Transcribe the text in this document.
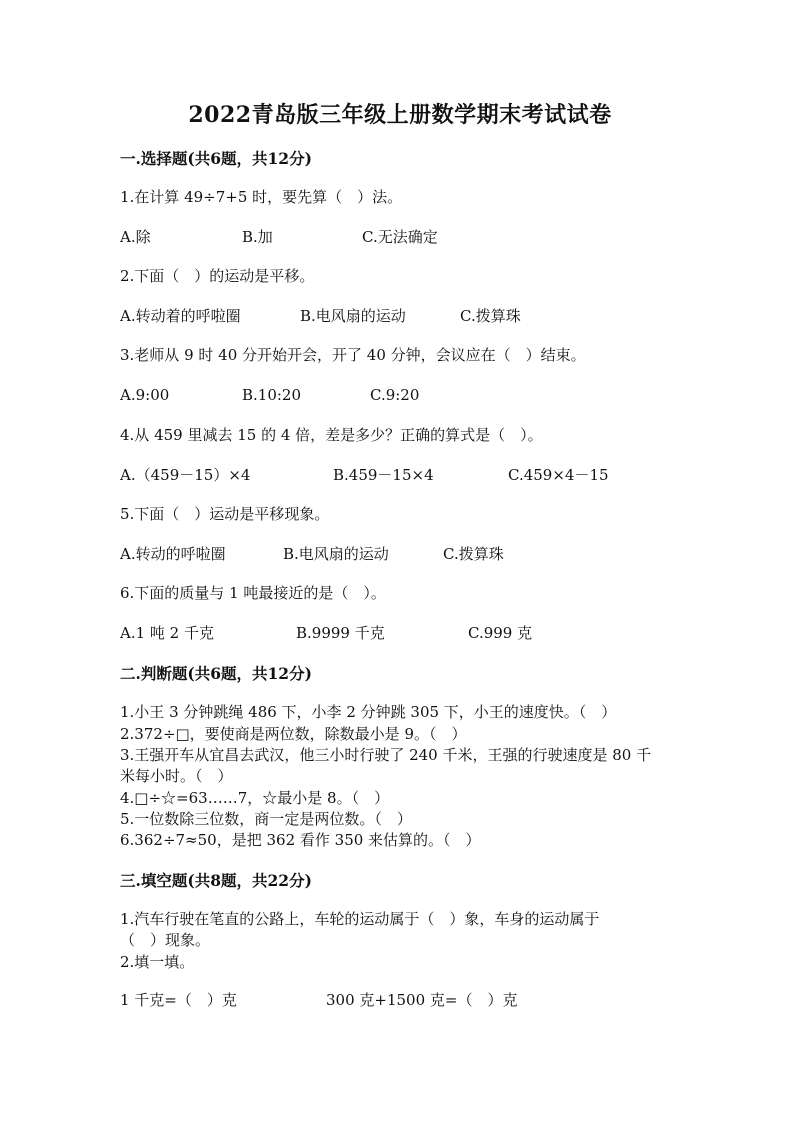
2022青岛版三年级上册数学期末考试试卷
一.选择题(共6题，共12分)
1.在计算 49÷7+5 时，要先算（　）法。
A.除	B.加	C.无法确定
2.下面（　）的运动是平移。
A.转动着的呼啦圈	B.电风扇的运动	C.拨算珠
3.老师从 9 时 40 分开始开会，开了 40 分钟，会议应在（　）结束。
A.9:00	B.10:20	C.9:20
4.从 459 里减去 15 的 4 倍，差是多少？正确的算式是（　）。
A.（459－15）×4	B.459－15×4	C.459×4－15
5.下面（　）运动是平移现象。
A.转动的呼啦圈	B.电风扇的运动	C.拨算珠
6.下面的质量与 1 吨最接近的是（　）。
A.1 吨 2 千克	B.9999 千克	C.999 克
二.判断题(共6题，共12分)
1.小王 3 分钟跳绳 486 下，小李 2 分钟跳 305 下，小王的速度快。（　）
2.372÷□，要使商是两位数，除数最小是 9。（　）
3.王强开车从宜昌去武汉，他三小时行驶了 240 千米，王强的行驶速度是 80 千
米每小时。（　）
4.□÷☆=63……7，☆最小是 8。（　）
5.一位数除三位数，商一定是两位数。（　）
6.362÷7≈50，是把 362 看作 350 来估算的。（　）
三.填空题(共8题，共22分)
1.汽车行驶在笔直的公路上，车轮的运动属于（　）象，车身的运动属于
（　）现象。
2.填一填。
1 千克=（　）克	300 克+1500 克=（　）克
